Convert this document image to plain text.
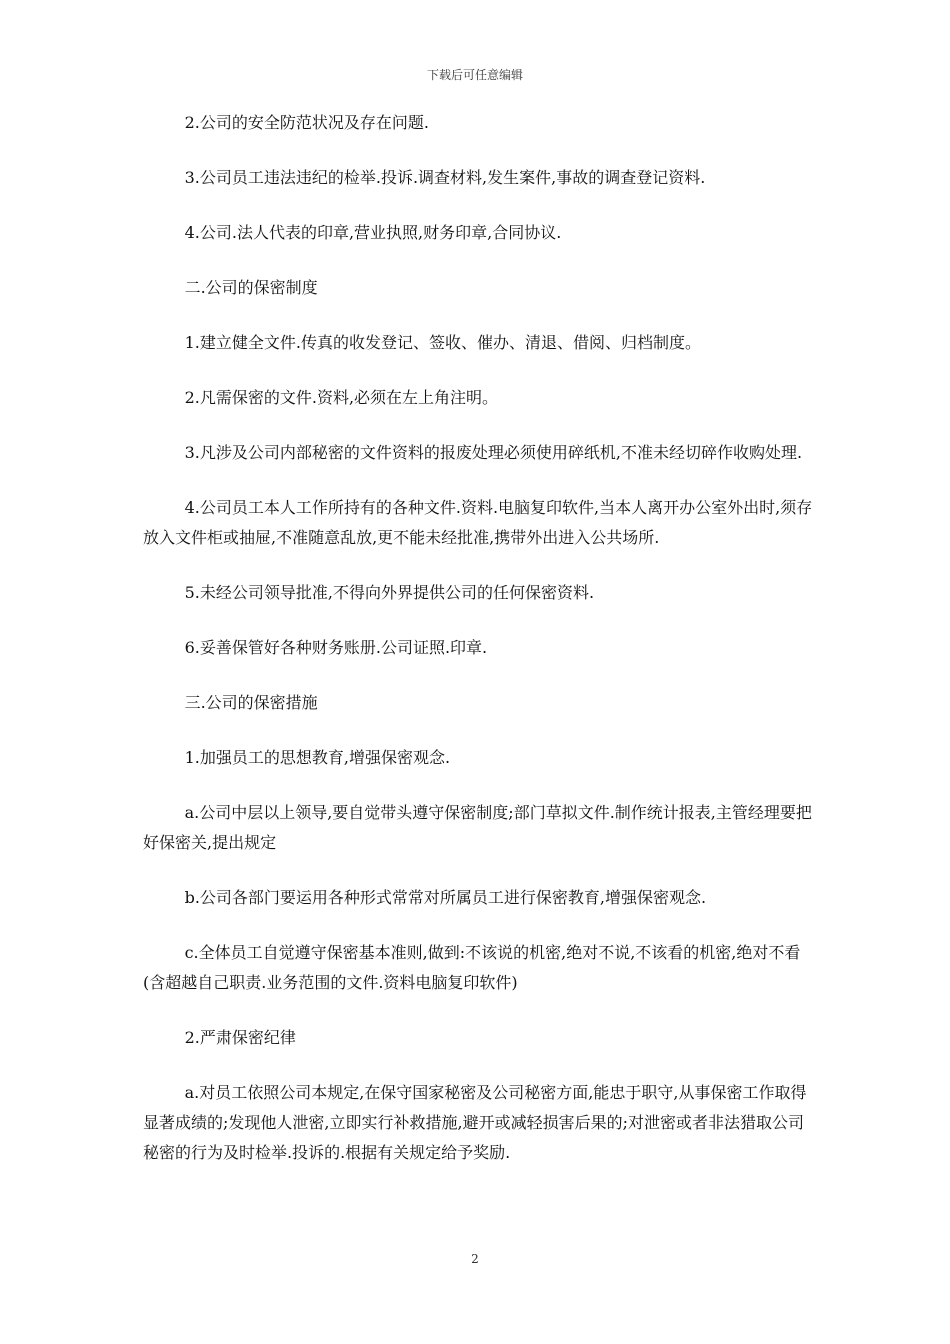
下载后可任意编辑

2.公司的安全防范状况及存在问题.

3.公司员工违法违纪的检举.投诉.调查材料,发生案件,事故的调查登记资料.

4.公司.法人代表的印章,营业执照,财务印章,合同协议.

二.公司的保密制度

1.建立健全文件.传真的收发登记、签收、催办、清退、借阅、归档制度。

2.凡需保密的文件.资料,必须在左上角注明。

3.凡涉及公司内部秘密的文件资料的报废处理必须使用碎纸机,不准未经切碎作收购处理.

4.公司员工本人工作所持有的各种文件.资料.电脑复印软件,当本人离开办公室外出时,须存放入文件柜或抽屉,不准随意乱放,更不能未经批准,携带外出进入公共场所.

5.未经公司领导批准,不得向外界提供公司的任何保密资料.

6.妥善保管好各种财务账册.公司证照.印章.

三.公司的保密措施

1.加强员工的思想教育,增强保密观念.

a.公司中层以上领导,要自觉带头遵守保密制度;部门草拟文件.制作统计报表,主管经理要把好保密关,提出规定

b.公司各部门要运用各种形式常常对所属员工进行保密教育,增强保密观念.

c.全体员工自觉遵守保密基本准则,做到:不该说的机密,绝对不说,不该看的机密,绝对不看(含超越自己职责.业务范围的文件.资料电脑复印软件)

2.严肃保密纪律

a.对员工依照公司本规定,在保守国家秘密及公司秘密方面,能忠于职守,从事保密工作取得显著成绩的;发现他人泄密,立即实行补救措施,避开或减轻损害后果的;对泄密或者非法猎取公司秘密的行为及时检举.投诉的.根据有关规定给予奖励.

2
